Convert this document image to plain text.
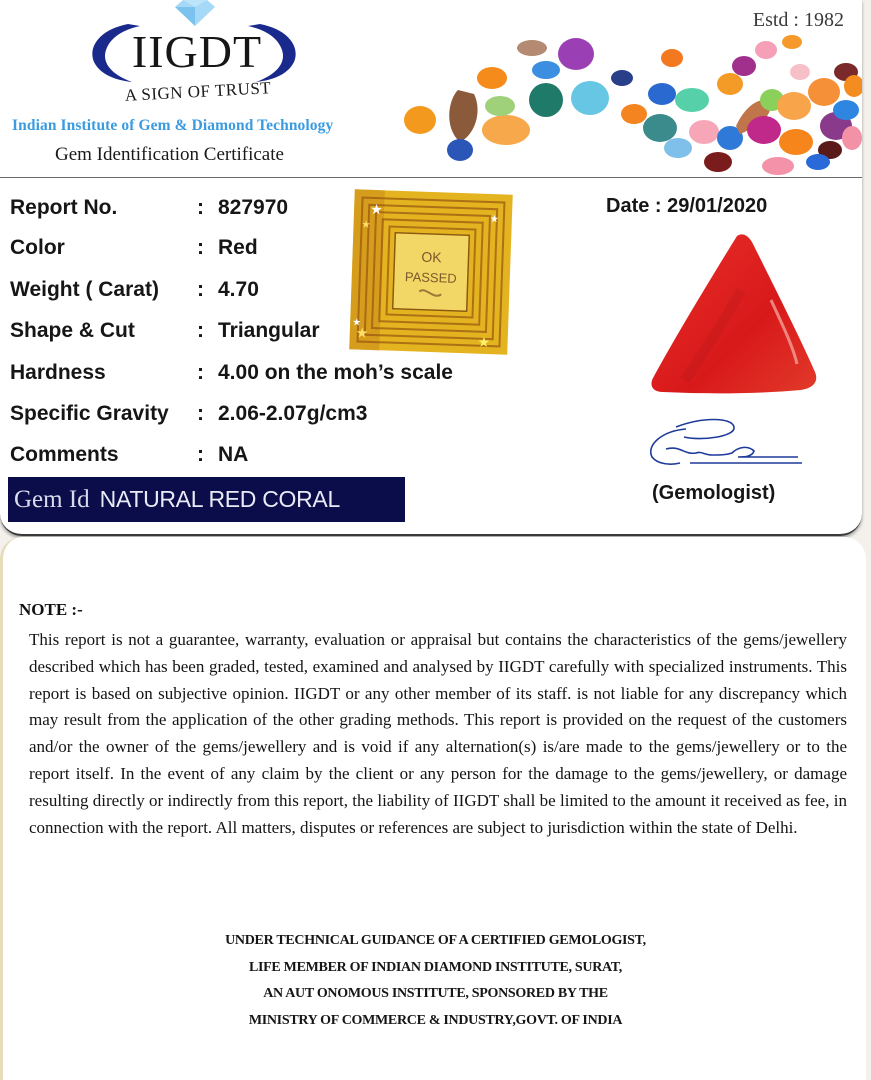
IIGDT
A SIGN OF TRUST
Indian Institute of Gem & Diamond Technology
Gem Identification Certificate
Estd : 1982
Report No.	: 827970
Color	: Red
Weight ( Carat) : 4.70
Shape & Cut	: Triangular
Hardness	: 4.00 on the moh’s scale
Specific Gravity : 2.06-2.07g/cm3
Comments	: NA
Gem Id NATURAL RED CORAL
OK
PASSED
★
★
★
★
★
★
Date : 29/01/2020
(Gemologist)
NOTE :-
This report is not a guarantee, warranty, evaluation or appraisal but contains the characteristics of the gems/jewellery described which has been graded, tested, examined and analysed by IIGDT carefully with specialized instruments. This report is based on subjective opinion. IIGDT or any other member of its staff. is not liable for any discrepancy which may result from the application of the other grading methods. This report is provided on the request of the customers and/or the owner of the gems/jewellery and is void if any alternation(s) is/are made to the gems/jewellery or to the report itself. In the event of any claim by the client or any person for the damage to the gems/jewellery, or damage resulting directly or indirectly from this report, the liability of IIGDT shall be limited to the amount it received as fee, in connection with the report. All matters, disputes or references are subject to jurisdiction within the state of Delhi.
UNDER TECHNICAL GUIDANCE OF A CERTIFIED GEMOLOGIST,
LIFE MEMBER OF INDIAN DIAMOND INSTITUTE, SURAT,
AN AUT ONOMOUS INSTITUTE, SPONSORED BY THE
MINISTRY OF COMMERCE & INDUSTRY,GOVT. OF INDIA
